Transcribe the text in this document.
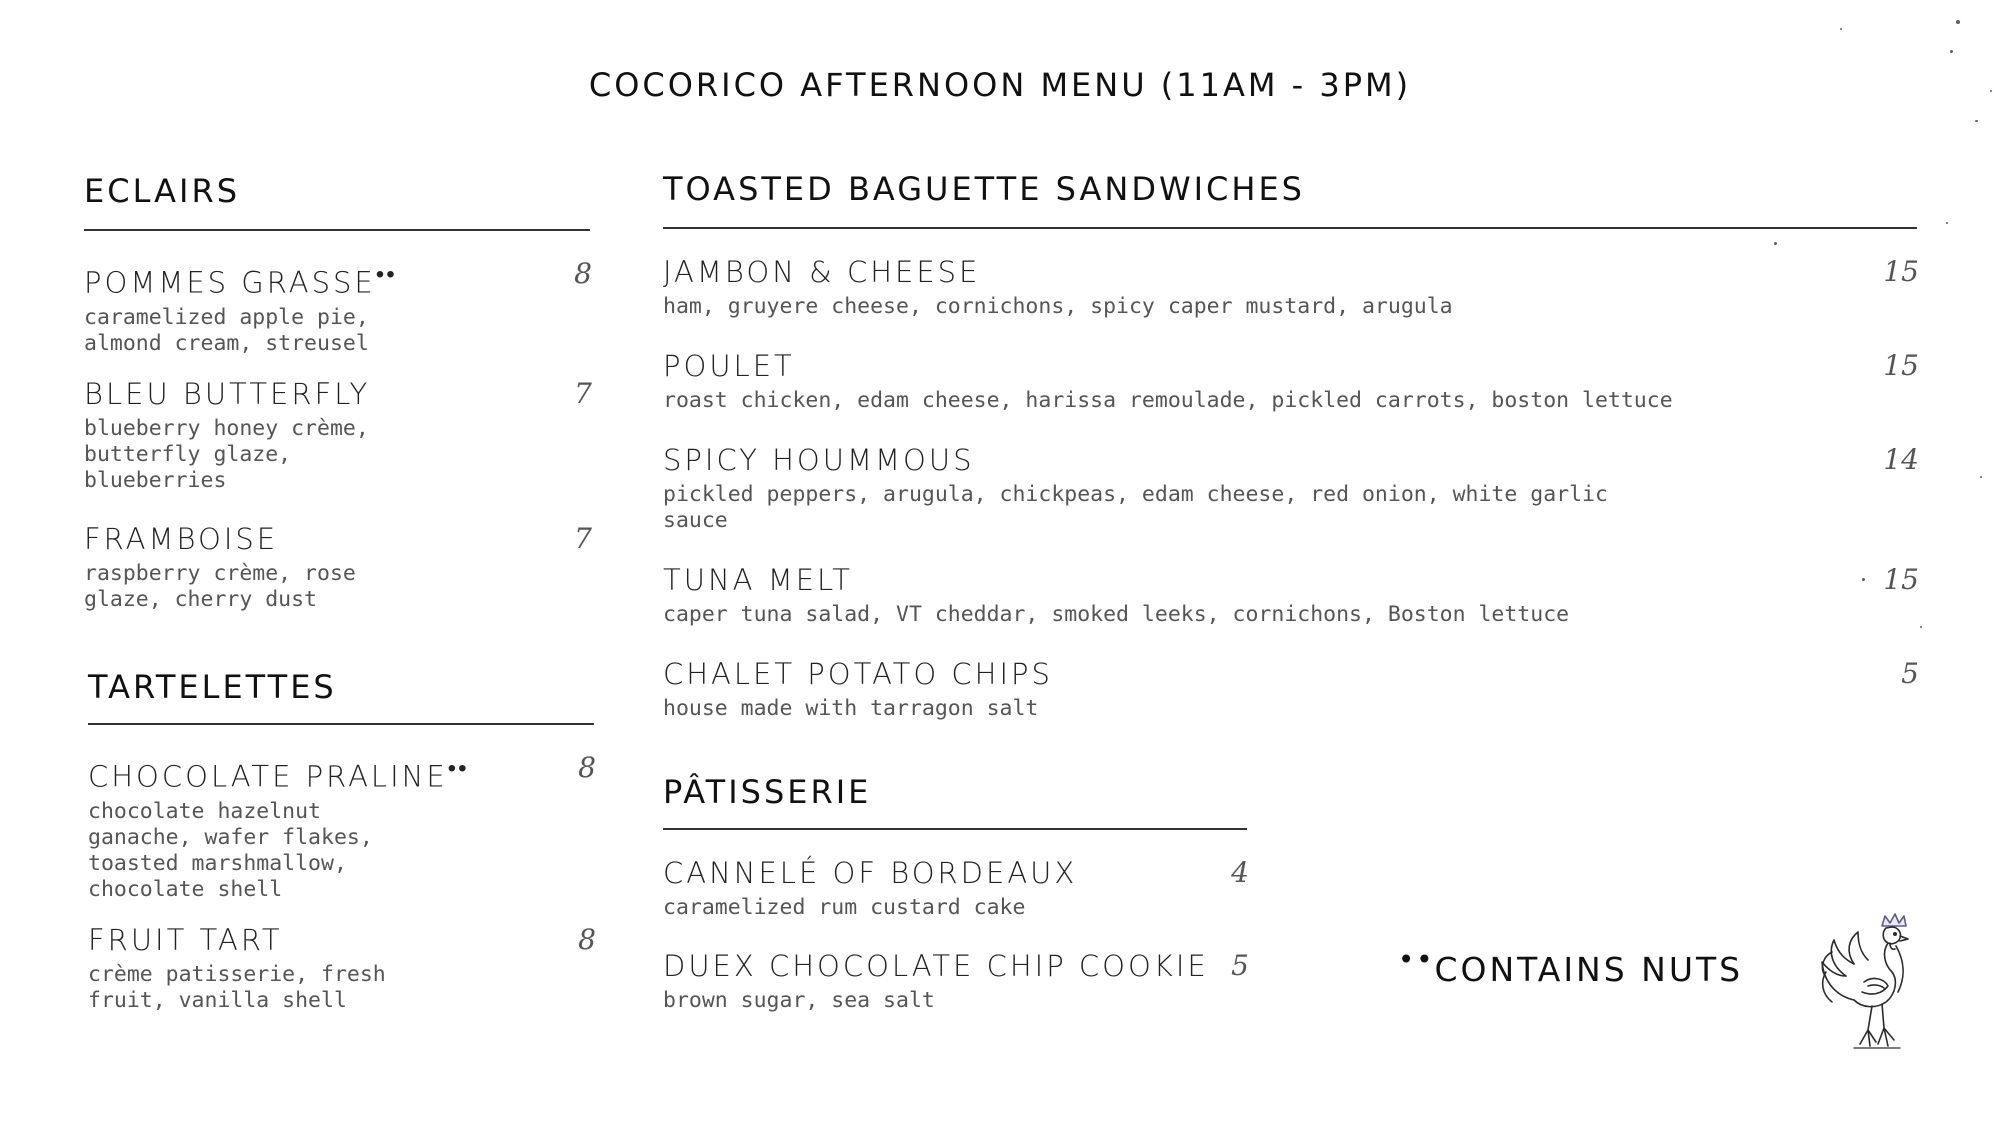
COCORICO AFTERNOON MENU (11AM - 3PM)
ECLAIRS
POMMES GRASSE••	8
caramelized apple pie,
almond cream, streusel
BLEU BUTTERFLY	7
blueberry honey crème,
butterfly glaze,
blueberries
FRAMBOISE	7
raspberry crème, rose
glaze, cherry dust
TARTELETTES
CHOCOLATE PRALINE••	8
chocolate hazelnut
ganache, wafer flakes,
toasted marshmallow,
chocolate shell
FRUIT TART	8
crème patisserie, fresh
fruit, vanilla shell
TOASTED BAGUETTE SANDWICHES
JAMBON & CHEESE	15
ham, gruyere cheese, cornichons, spicy caper mustard, arugula
POULET	15
roast chicken, edam cheese, harissa remoulade, pickled carrots, boston lettuce
SPICY HOUMMOUS	14
pickled peppers, arugula, chickpeas, edam cheese, red onion, white garlic
sauce
TUNA MELT	15
caper tuna salad, VT cheddar, smoked leeks, cornichons, Boston lettuce
CHALET POTATO CHIPS	5
house made with tarragon salt
PÂTISSERIE
CANNELÉ OF BORDEAUX	4
caramelized rum custard cake
DUEX CHOCOLATE CHIP COOKIE 5
brown sugar, sea salt
••CONTAINS NUTS
